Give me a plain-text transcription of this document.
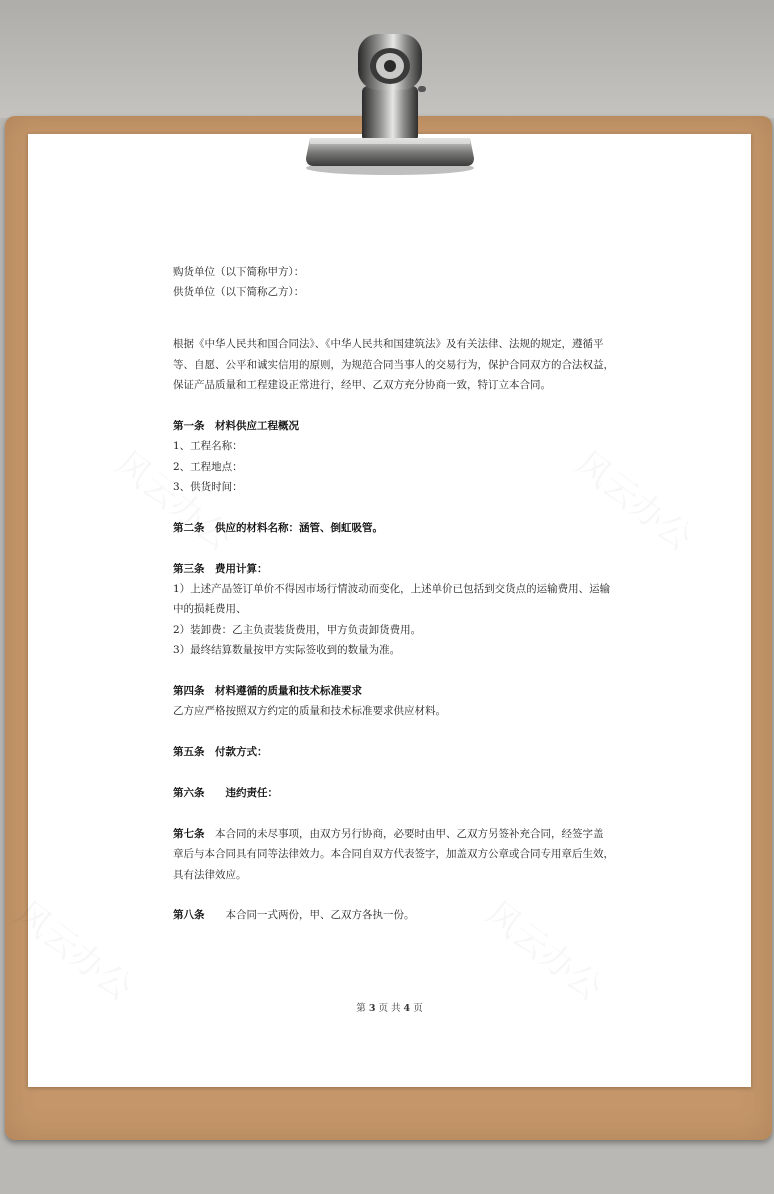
购货单位（以下简称甲方）：
供货单位（以下简称乙方）：
根据《中华人民共和国合同法》、《中华人民共和国建筑法》及有关法律、法规的规定，遵循平
等、自愿、公平和诚实信用的原则，为规范合同当事人的交易行为，保护合同双方的合法权益，
保证产品质量和工程建设正常进行，经甲、乙双方充分协商一致，特订立本合同。
第一条　材料供应工程概况
1、工程名称：
2、工程地点：
3、供货时间：
第二条　供应的材料名称：涵管、倒虹吸管。
第三条　费用计算：
1）上述产品签订单价不得因市场行情波动而变化，上述单价已包括到交货点的运输费用、运输
中的损耗费用、
2）装卸费：乙主负责装货费用，甲方负责卸货费用。
3）最终结算数量按甲方实际签收到的数量为准。
第四条　材料遵循的质量和技术标准要求
乙方应严格按照双方约定的质量和技术标准要求供应材料。
第五条　付款方式：
第六条　　违约责任：
第七条　本合同的未尽事项，由双方另行协商，必要时由甲、乙双方另签补充合同，经签字盖
章后与本合同具有同等法律效力。本合同自双方代表签字，加盖双方公章或合同专用章后生效，
具有法律效应。
第八条　　本合同一式两份，甲、乙双方各执一份。
第 3 页 共 4 页
